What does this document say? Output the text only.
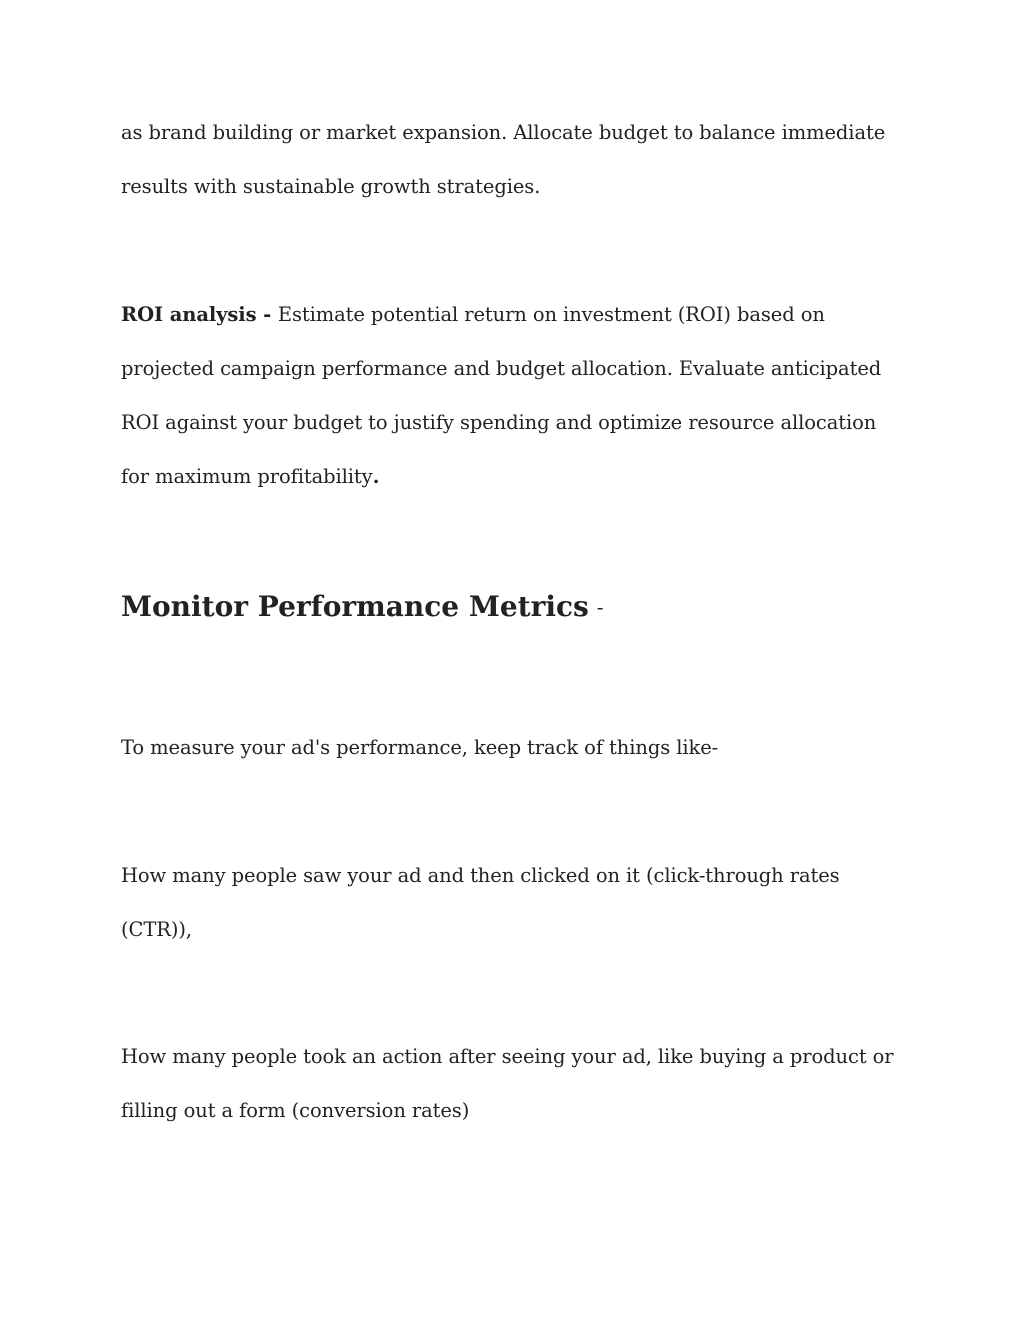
as brand building or market expansion. Allocate budget to balance immediate
results with sustainable growth strategies.
ROI analysis - Estimate potential return on investment (ROI) based on
projected campaign performance and budget allocation. Evaluate anticipated
ROI against your budget to justify spending and optimize resource allocation
for maximum profitability.
Monitor Performance Metrics -
To measure your ad's performance, keep track of things like-
How many people saw your ad and then clicked on it (click-through rates
(CTR)),
How many people took an action after seeing your ad, like buying a product or
filling out a form (conversion rates)
